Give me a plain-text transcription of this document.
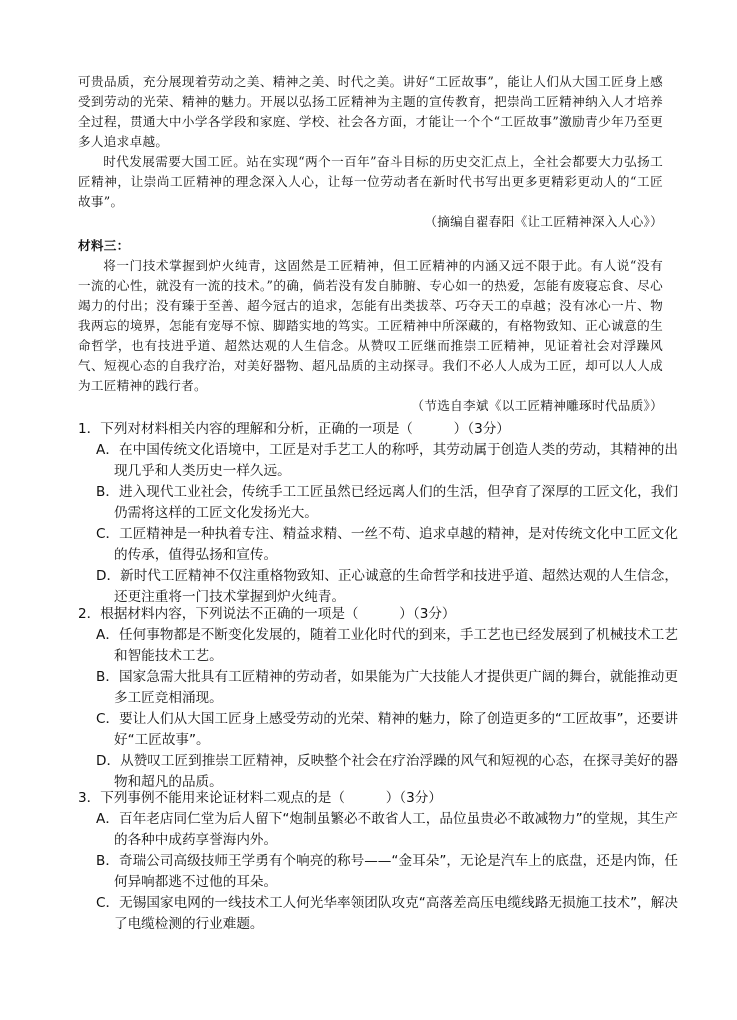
可贵品质，充分展现着劳动之美、精神之美、时代之美。讲好“工匠故事”，能让人们从大国工匠身上感受到劳动的光荣、精神的魅力。开展以弘扬工匠精神为主题的宣传教育，把崇尚工匠精神纳入人才培养全过程，贯通大中小学各学段和家庭、学校、社会各方面，才能让一个个“工匠故事”激励青少年乃至更多人追求卓越。

时代发展需要大国工匠。站在实现“两个一百年”奋斗目标的历史交汇点上，全社会都要大力弘扬工匠精神，让崇尚工匠精神的理念深入人心，让每一位劳动者在新时代书写出更多更精彩更动人的“工匠故事”。

（摘编自翟春阳《让工匠精神深入人心》）

材料三：

将一门技术掌握到炉火纯青，这固然是工匠精神，但工匠精神的内涵又远不限于此。有人说“没有一流的心性，就没有一流的技术。”的确，倘若没有发自肺腑、专心如一的热爱，怎能有废寝忘食、尽心竭力的付出；没有臻于至善、超今冠古的追求，怎能有出类拔萃、巧夺天工的卓越；没有冰心一片、物我两忘的境界，怎能有宠辱不惊、脚踏实地的笃实。工匠精神中所深藏的，有格物致知、正心诚意的生命哲学，也有技进乎道、超然达观的人生信念。从赞叹工匠继而推崇工匠精神，见证着社会对浮躁风气、短视心态的自我疗治，对美好器物、超凡品质的主动探寻。我们不必人人成为工匠，却可以人人成为工匠精神的践行者。

（节选自李斌《以工匠精神雕琢时代品质》）

1．下列对材料相关内容的理解和分析，正确的一项是（　　　）（3分）

A．在中国传统文化语境中，工匠是对手艺工人的称呼，其劳动属于创造人类的劳动，其精神的出现几乎和人类历史一样久远。

B．进入现代工业社会，传统手工工匠虽然已经远离人们的生活，但孕育了深厚的工匠文化，我们仍需将这样的工匠文化发扬光大。

C．工匠精神是一种执着专注、精益求精、一丝不苟、追求卓越的精神，是对传统文化中工匠文化的传承，值得弘扬和宣传。

D．新时代工匠精神不仅注重格物致知、正心诚意的生命哲学和技进乎道、超然达观的人生信念，还更注重将一门技术掌握到炉火纯青。

2．根据材料内容，下列说法不正确的一项是（　　　）（3分）

A．任何事物都是不断变化发展的，随着工业化时代的到来，手工艺也已经发展到了机械技术工艺和智能技术工艺。

B．国家急需大批具有工匠精神的劳动者，如果能为广大技能人才提供更广阔的舞台，就能推动更多工匠竞相涌现。

C．要让人们从大国工匠身上感受劳动的光荣、精神的魅力，除了创造更多的“工匠故事”，还要讲好“工匠故事”。

D．从赞叹工匠到推崇工匠精神，反映整个社会在疗治浮躁的风气和短视的心态，在探寻美好的器物和超凡的品质。

3．下列事例不能用来论证材料二观点的是（　　　）（3分）

A．百年老店同仁堂为后人留下“炮制虽繁必不敢省人工，品位虽贵必不敢减物力”的堂规，其生产的各种中成药享誉海内外。

B．奇瑞公司高级技师王学勇有个响亮的称号——“金耳朵”，无论是汽车上的底盘，还是内饰，任何异响都逃不过他的耳朵。

C．无锡国家电网的一线技术工人何光华率领团队攻克“高落差高压电缆线路无损施工技术”，解决了电缆检测的行业难题。
